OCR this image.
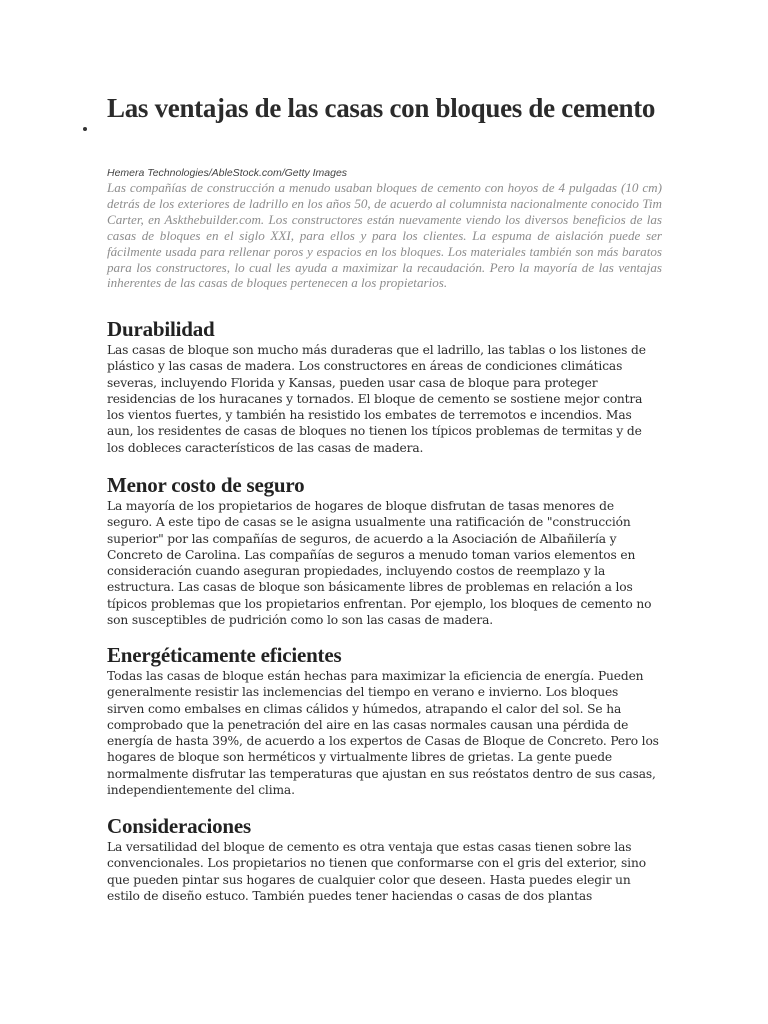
Las ventajas de las casas con bloques de cemento
Hemera Technologies/AbleStock.com/Getty Images

Las compañías de construcción a menudo usaban bloques de cemento con hoyos de 4 pulgadas (10 cm) detrás de los exteriores de ladrillo en los años 50, de acuerdo al columnista nacionalmente conocido Tim Carter, en Askthebuilder.com. Los constructores están nuevamente viendo los diversos beneficios de las casas de bloques en el siglo XXI, para ellos y para los clientes. La espuma de aislación puede ser fácilmente usada para rellenar poros y espacios en los bloques. Los materiales también son más baratos para los constructores, lo cual les ayuda a maximizar la recaudación. Pero la mayoría de las ventajas inherentes de las casas de bloques pertenecen a los propietarios.

Durabilidad

Las casas de bloque son mucho más duraderas que el ladrillo, las tablas o los listones de plástico y las casas de madera. Los constructores en áreas de condiciones climáticas severas, incluyendo Florida y Kansas, pueden usar casa de bloque para proteger residencias de los huracanes y tornados. El bloque de cemento se sostiene mejor contra los vientos fuertes, y también ha resistido los embates de terremotos e incendios. Mas aun, los residentes de casas de bloques no tienen los típicos problemas de termitas y de los dobleces característicos de las casas de madera.

Menor costo de seguro

La mayoría de los propietarios de hogares de bloque disfrutan de tasas menores de seguro. A este tipo de casas se le asigna usualmente una ratificación de "construcción superior" por las compañías de seguros, de acuerdo a la Asociación de Albañilería y Concreto de Carolina. Las compañías de seguros a menudo toman varios elementos en consideración cuando aseguran propiedades, incluyendo costos de reemplazo y la estructura. Las casas de bloque son básicamente libres de problemas en relación a los típicos problemas que los propietarios enfrentan. Por ejemplo, los bloques de cemento no son susceptibles de pudrición como lo son las casas de madera.

Energéticamente eficientes

Todas las casas de bloque están hechas para maximizar la eficiencia de energía. Pueden generalmente resistir las inclemencias del tiempo en verano e invierno. Los bloques sirven como embalses en climas cálidos y húmedos, atrapando el calor del sol. Se ha comprobado que la penetración del aire en las casas normales causan una pérdida de energía de hasta 39%, de acuerdo a los expertos de Casas de Bloque de Concreto. Pero los hogares de bloque son herméticos y virtualmente libres de grietas. La gente puede normalmente disfrutar las temperaturas que ajustan en sus reóstatos dentro de sus casas, independientemente del clima.

Consideraciones

La versatilidad del bloque de cemento es otra ventaja que estas casas tienen sobre las convencionales. Los propietarios no tienen que conformarse con el gris del exterior, sino que pueden pintar sus hogares de cualquier color que deseen. Hasta puedes elegir un estilo de diseño estuco. También puedes tener haciendas o casas de dos plantas
